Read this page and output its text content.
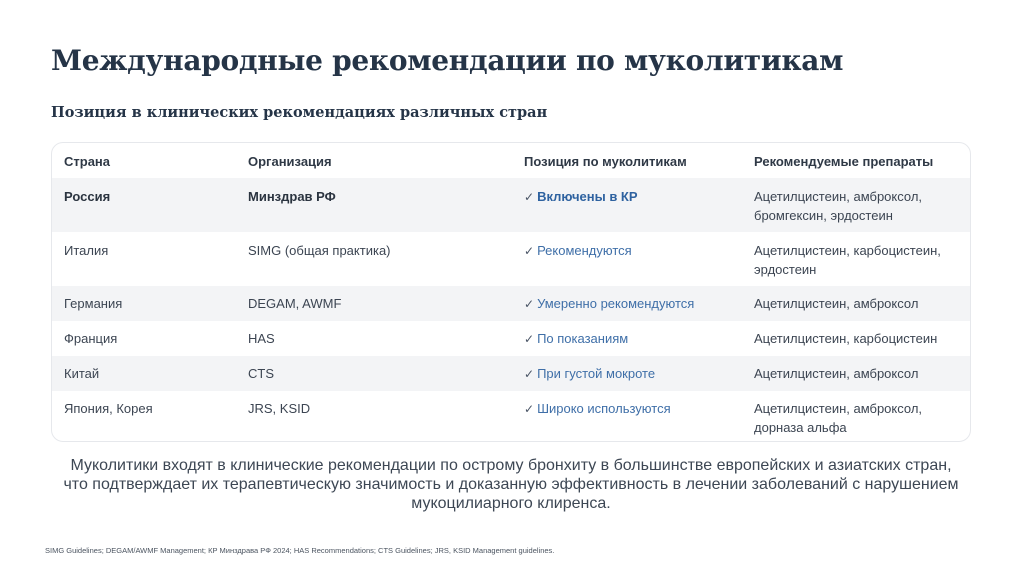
Международные рекомендации по муколитикам
Позиция в клинических рекомендациях различных стран
Страна	Организация	Позиция по муколитикам	Рекомендуемые препараты
Россия	Минздрав РФ	✓ Включены в КР	Ацетилцистеин, амброксол,
бромгексин, эрдостеин
Италия	SIMG (общая практика)	✓ Рекомендуются	Ацетилцистеин, карбоцистеин,
эрдостеин
Германия	DEGAM, AWMF	✓ Умеренно рекомендуются	Ацетилцистеин, амброксол
Франция	HAS	✓ По показаниям	Ацетилцистеин, карбоцистеин
Китай	CTS	✓ При густой мокроте	Ацетилцистеин, амброксол
Япония, Корея	JRS, KSID	✓ Широко используются	Ацетилцистеин, амброксол,
дорназа альфа
Муколитики входят в клинические рекомендации по острому бронхиту в большинстве европейских и азиатских стран,
что подтверждает их терапевтическую значимость и доказанную эффективность в лечении заболеваний с нарушением
мукоцилиарного клиренса.
SIMG Guidelines; DEGAM/AWMF Management; КР Минздрава РФ 2024; HAS Recommendations; CTS Guidelines; JRS, KSID Management guidelines.
